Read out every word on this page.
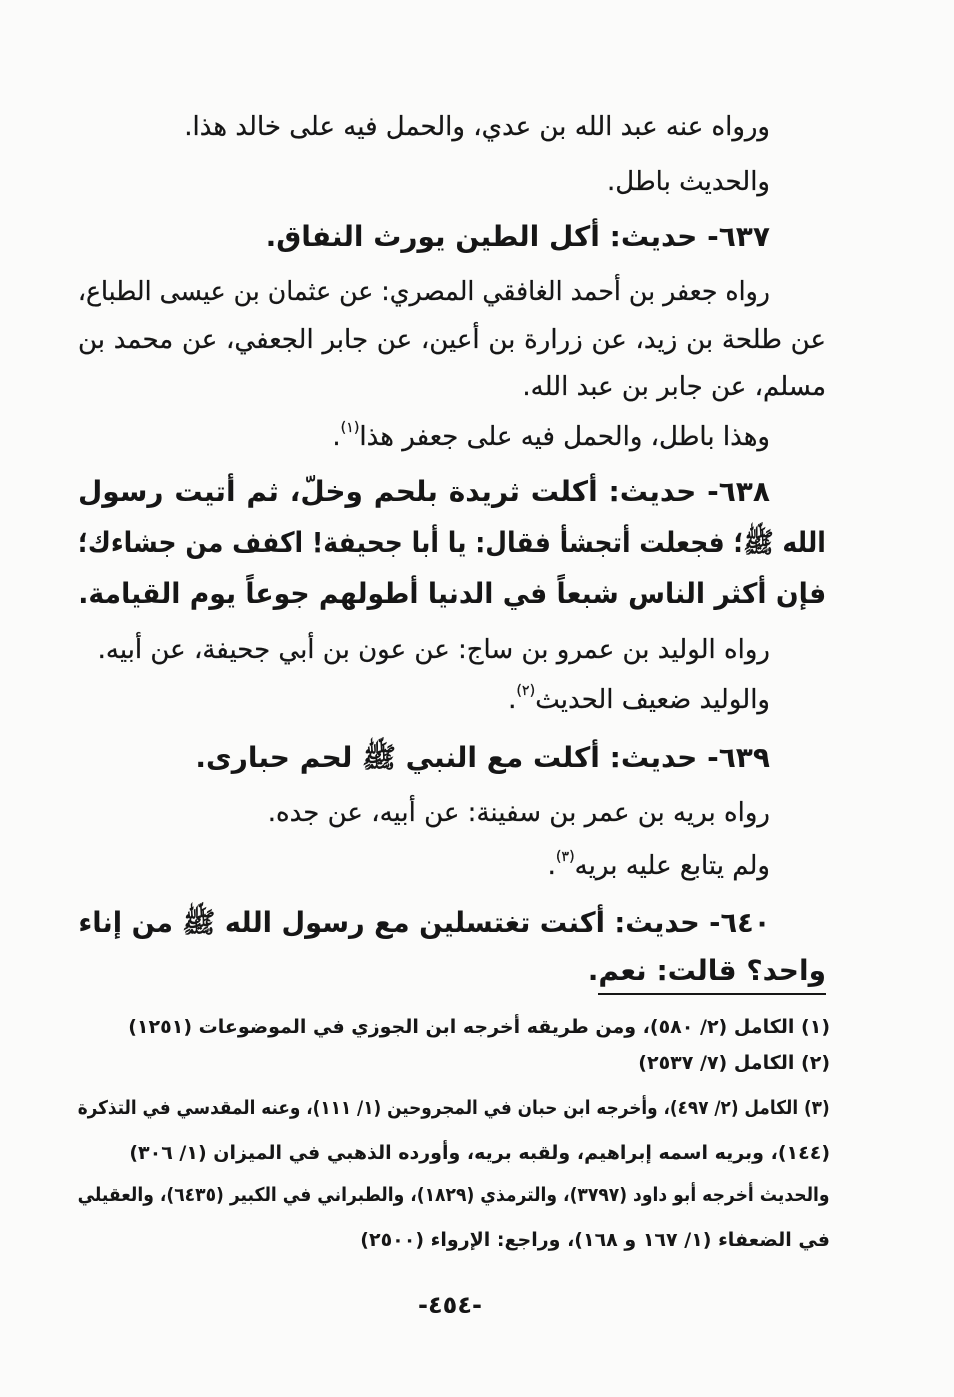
ورواه عنه عبد الله بن عدي، والحمل فيه على خالد هذا.
والحديث باطل.
٦٣٧- حديث: أكل الطين يورث النفاق.
رواه جعفر بن أحمد الغافقي المصري: عن عثمان بن عيسى الطباع،
عن طلحة بن زيد، عن زرارة بن أعين، عن جابر الجعفي، عن محمد بن
مسلم، عن جابر بن عبد الله.
وهذا باطل، والحمل فيه على جعفر هذا$^{(١)}$.
٦٣٨- حديث: أكلت ثريدة بلحم وخلّ، ثم أتيت رسول
الله ﷺ؛ فجعلت أتجشأ فقال: يا أبا جحيفة! اكفف من جشاءك؛
فإن أكثر الناس شبعاً في الدنيا أطولهم جوعاً يوم القيامة.
رواه الوليد بن عمرو بن ساج: عن عون بن أبي جحيفة، عن أبيه.
والوليد ضعيف الحديث$^{(٢)}$.
٦٣٩- حديث: أكلت مع النبي ﷺ لحم حبارى.
رواه بريه بن عمر بن سفينة: عن أبيه، عن جده.
ولم يتابع عليه بريه$^{(٣)}$.
٦٤٠- حديث: أكنت تغتسلين مع رسول الله ﷺ من إناء
واحد؟ قالت: نعم.
(١) الكامل (٢/ ٥٨٠)، ومن طريقه أخرجه ابن الجوزي في الموضوعات (١٢٥١)
(٢) الكامل (٧/ ٢٥٣٧)
(٣) الكامل (٢/ ٤٩٧)، وأخرجه ابن حبان في المجروحين (١/ ١١١)، وعنه المقدسي في التذكرة
(١٤٤)، وبريه اسمه إبراهيم، ولقبه بريه، وأورده الذهبي في الميزان (١/ ٣٠٦)
والحديث أخرجه أبو داود (٣٧٩٧)، والترمذي (١٨٢٩)، والطبراني في الكبير (٦٤٣٥)، والعقيلي
في الضعفاء (١/ ١٦٧ و ١٦٨)، وراجع: الإرواء (٢٥٠٠)
-٤٥٤-
